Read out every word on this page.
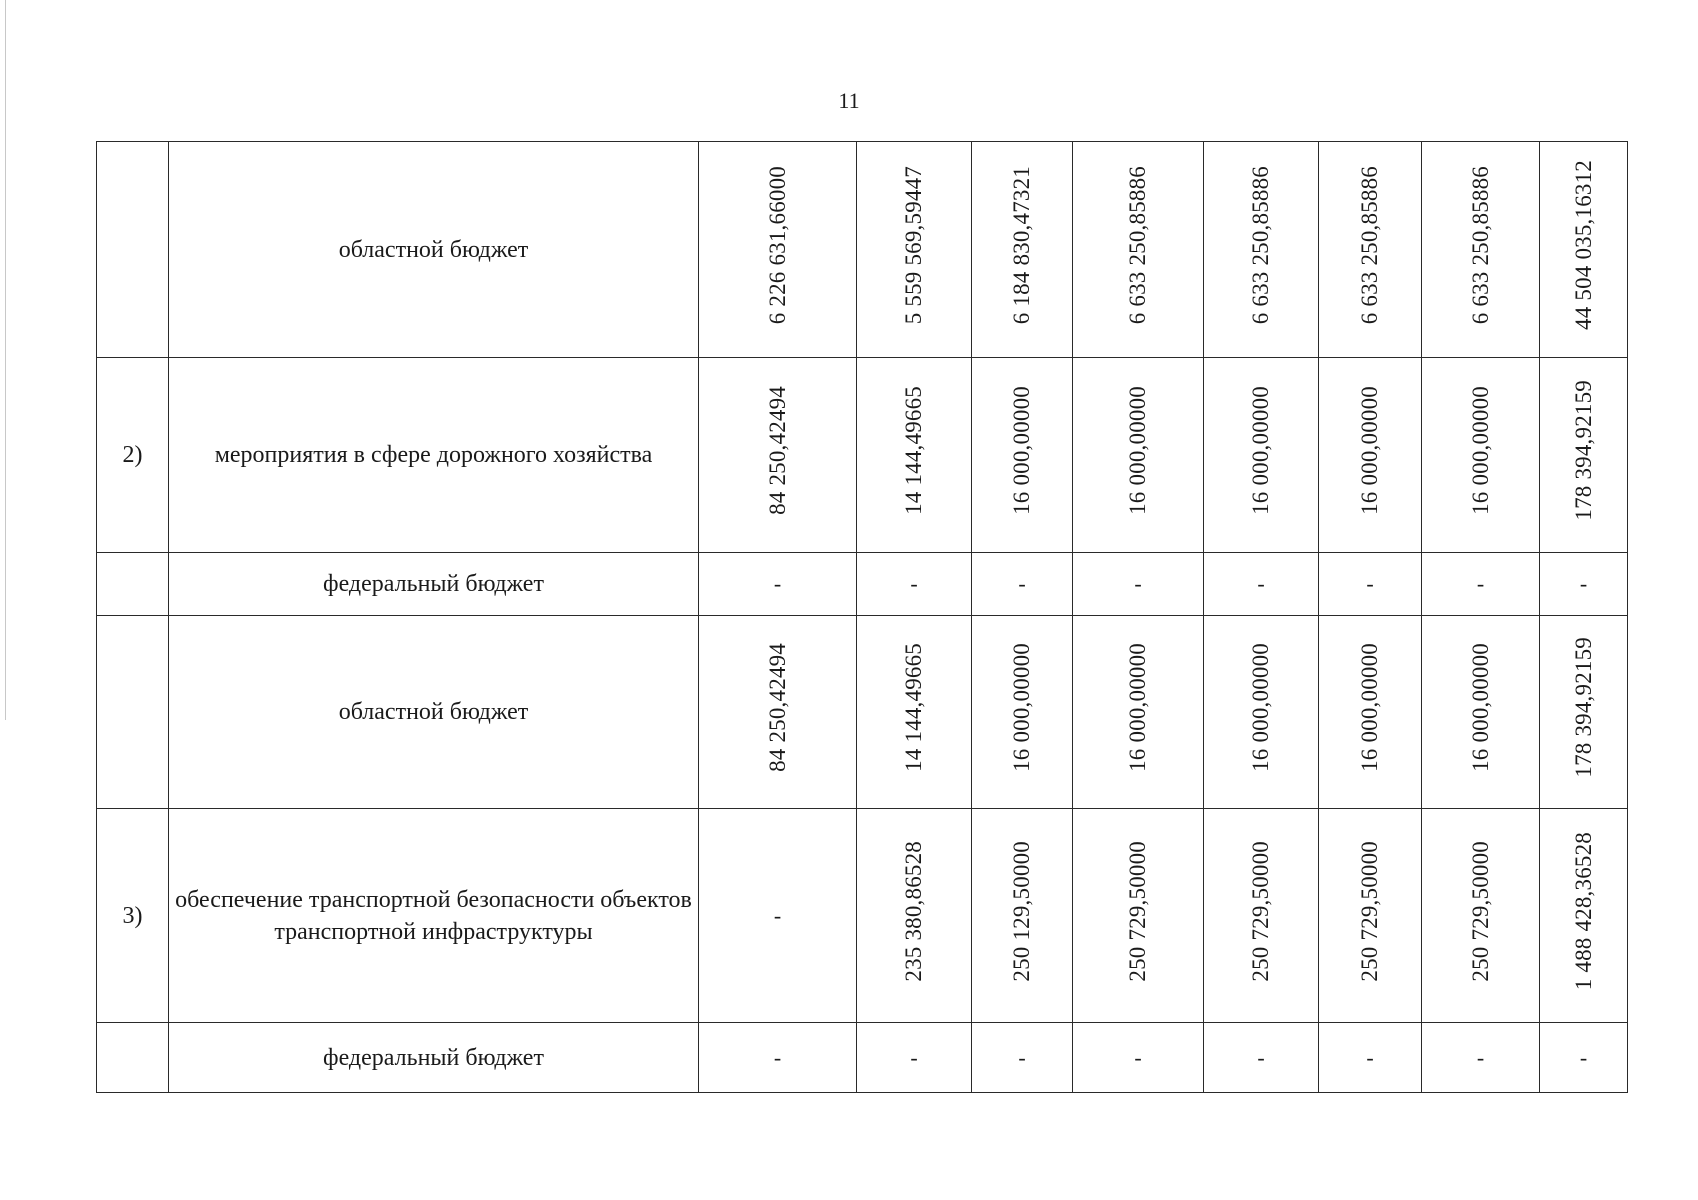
11
	областной бюджет	6 226 631,66000	5 559 569,59447	6 184 830,47321	6 633 250,85886	6 633 250,85886	6 633 250,85886	6 633 250,85886	44 504 035,16312
2)	мероприятия в сфере дорожного хозяйства	84 250,42494	14 144,49665	16 000,00000	16 000,00000	16 000,00000	16 000,00000	16 000,00000	178 394,92159
	федеральный бюджет	-	-	-	-	-	-	-	-
	областной бюджет	84 250,42494	14 144,49665	16 000,00000	16 000,00000	16 000,00000	16 000,00000	16 000,00000	178 394,92159
3)	обеспечение транспортной безопасности объектов транспортной инфраструктуры	-	235 380,86528	250 129,50000	250 729,50000	250 729,50000	250 729,50000	250 729,50000	1 488 428,36528
	федеральный бюджет	-	-	-	-	-	-	-	-
